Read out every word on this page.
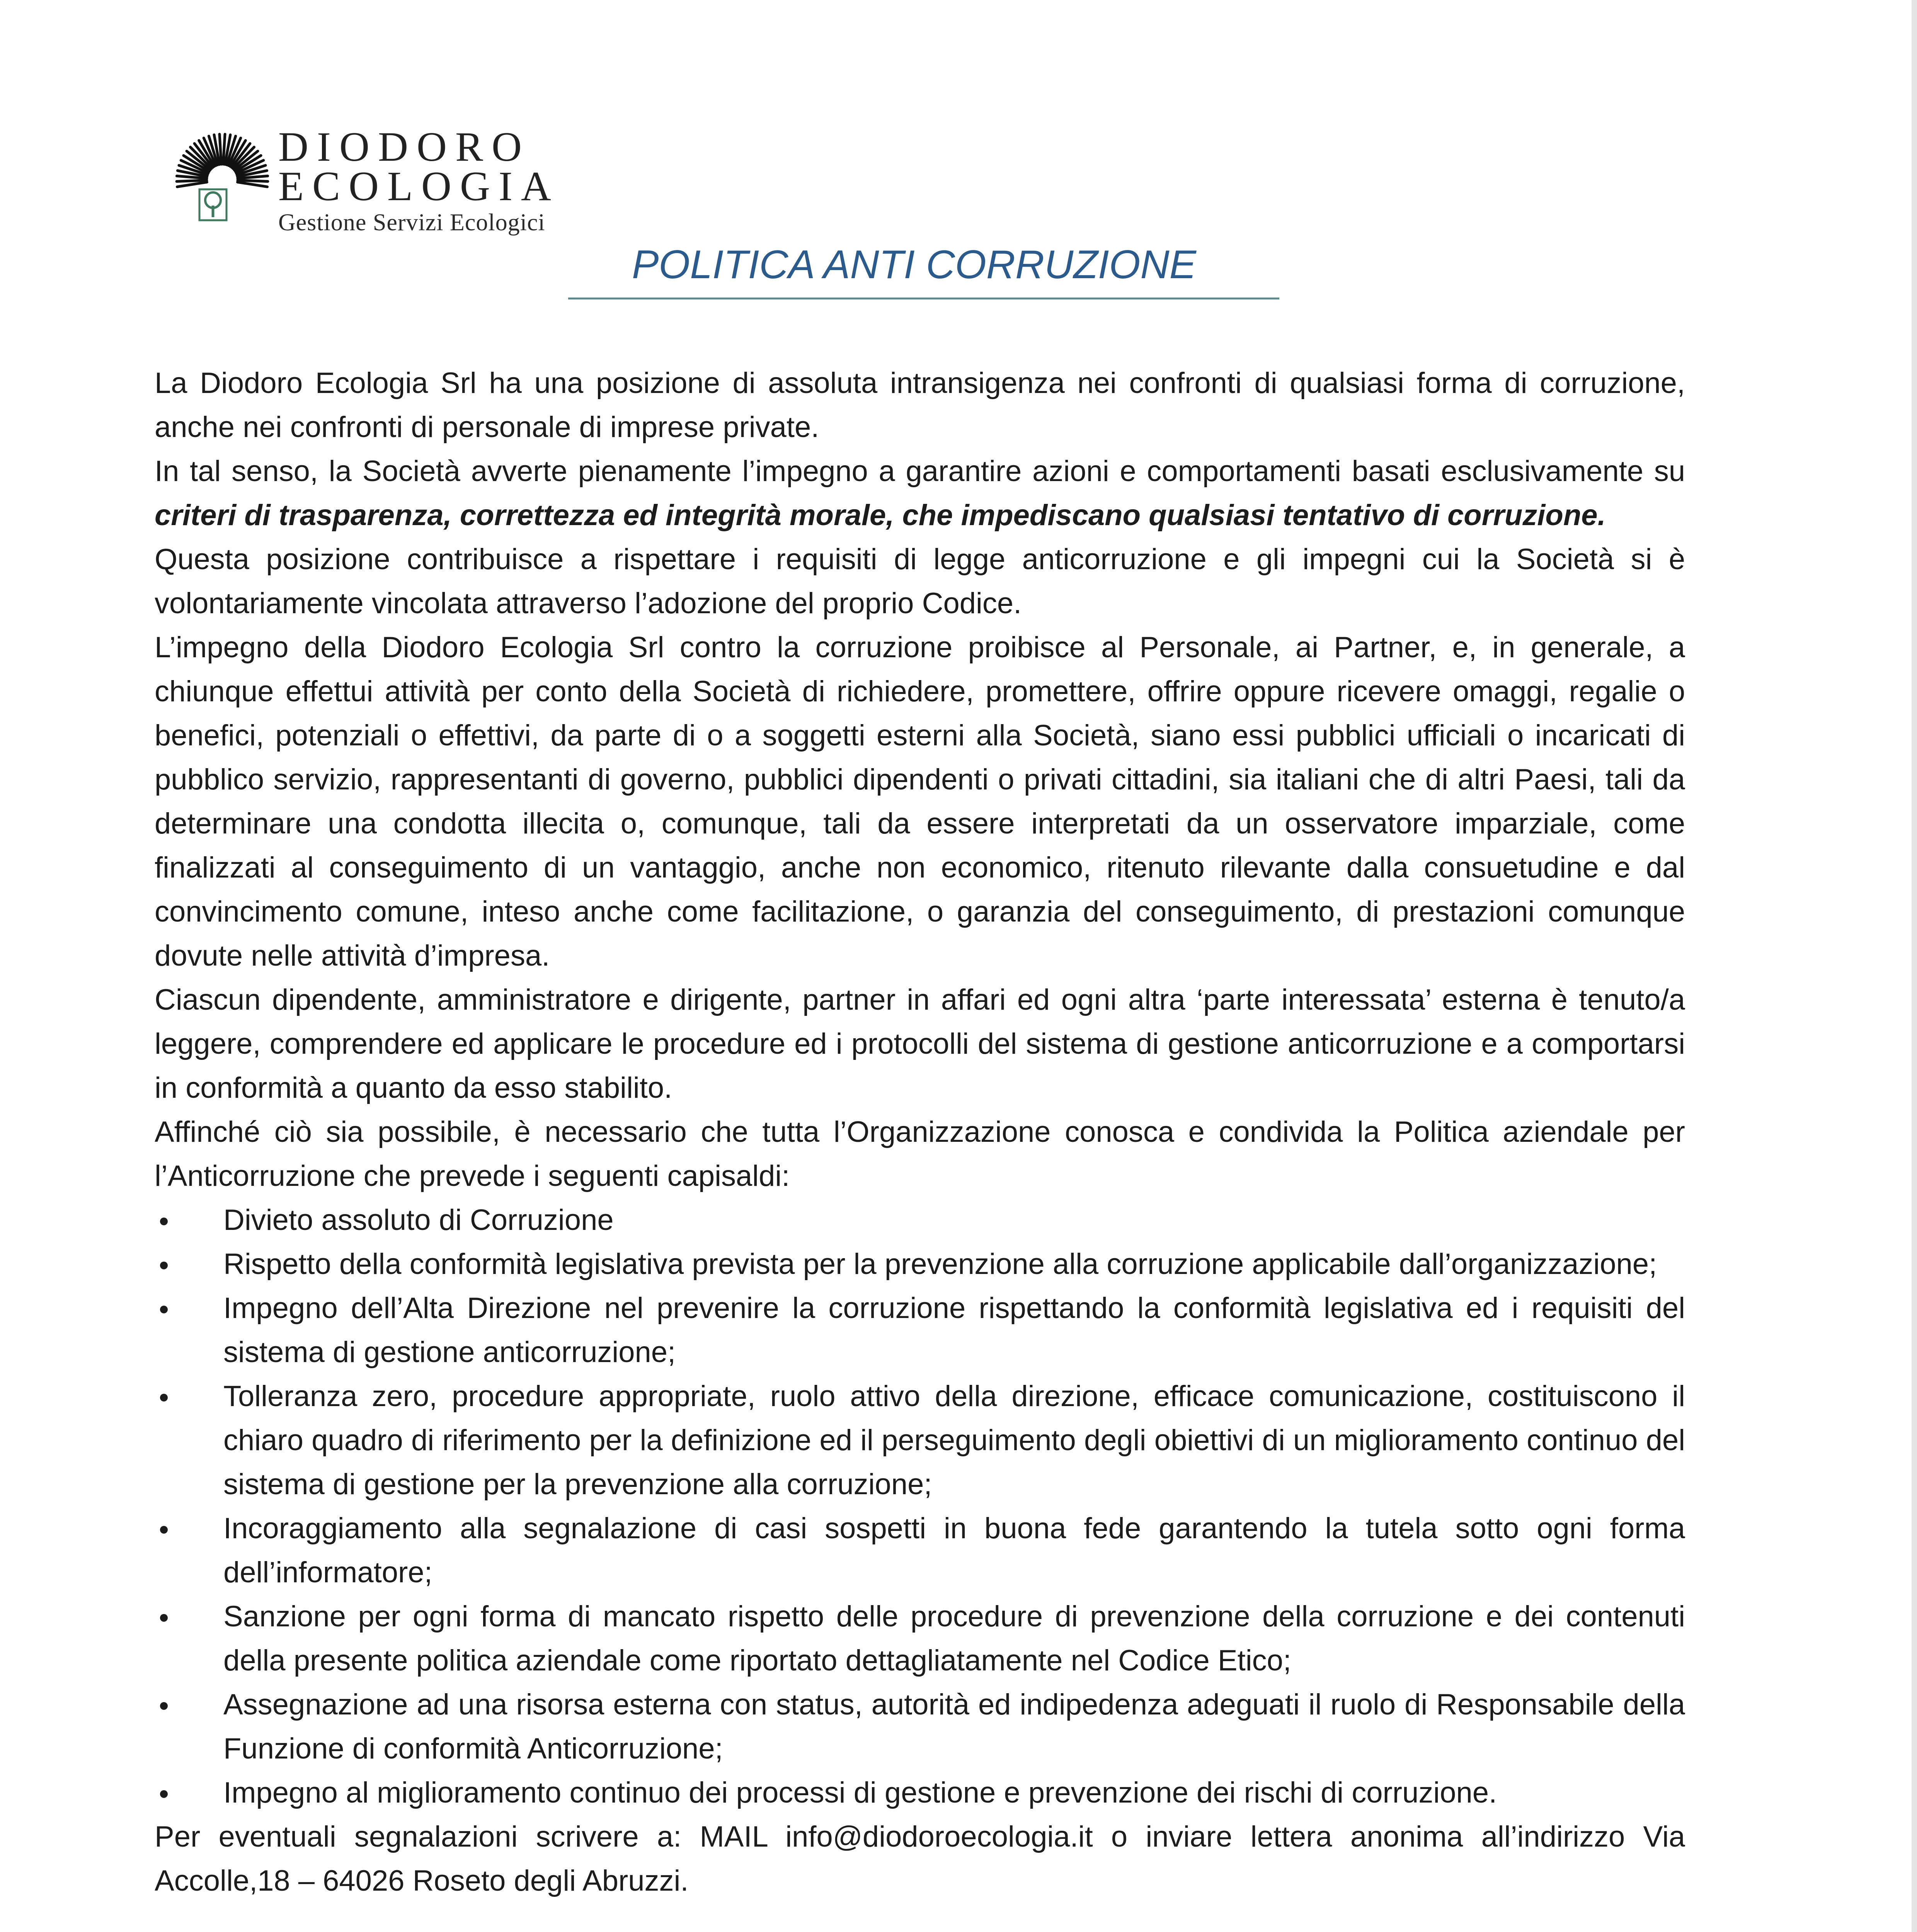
DIODORO
ECOLOGIA
Gestione Servizi Ecologici
POLITICA ANTI CORRUZIONE

La Diodoro Ecologia Srl ha una posizione di assoluta intransigenza nei confronti di qualsiasi forma di corruzione, anche nei confronti di personale di imprese private.

In tal senso, la Società avverte pienamente l’impegno a garantire azioni e comportamenti basati esclusivamente su criteri di trasparenza, correttezza ed integrità morale, che impediscano qualsiasi tentativo di corruzione.

Questa posizione contribuisce a rispettare i requisiti di legge anticorruzione e gli impegni cui la Società si è volontariamente vincolata attraverso l’adozione del proprio Codice.

L’impegno della Diodoro Ecologia Srl contro la corruzione proibisce al Personale, ai Partner, e, in generale, a chiunque effettui attività per conto della Società di richiedere, promettere, offrire oppure ricevere omaggi, regalie o benefici, potenziali o effettivi, da parte di o a soggetti esterni alla Società, siano essi pubblici ufficiali o incaricati di pubblico servizio, rappresentanti di governo, pubblici dipendenti o privati cittadini, sia italiani che di altri Paesi, tali da determinare una condotta illecita o, comunque, tali da essere interpretati da un osservatore imparziale, come finalizzati al conseguimento di un vantaggio, anche non economico, ritenuto rilevante dalla consuetudine e dal convincimento comune, inteso anche come facilitazione, o garanzia del conseguimento, di prestazioni comunque dovute nelle attività d’impresa.

Ciascun dipendente, amministratore e dirigente, partner in affari ed ogni altra ‘parte interessata’ esterna è tenuto/a leggere, comprendere ed applicare le procedure ed i protocolli del sistema di gestione anticorruzione e a comportarsi in conformità a quanto da esso stabilito.

Affinché ciò sia possibile, è necessario che tutta l’Organizzazione conosca e condivida la Politica aziendale per l’Anticorruzione che prevede i seguenti capisaldi:

Divieto assoluto di Corruzione
Rispetto della conformità legislativa prevista per la prevenzione alla corruzione applicabile dall’organizzazione;
Impegno dell’Alta Direzione nel prevenire la corruzione rispettando la conformità legislativa ed i requisiti del sistema di gestione anticorruzione;
Tolleranza zero, procedure appropriate, ruolo attivo della direzione, efficace comunicazione, costituiscono il chiaro quadro di riferimento per la definizione ed il perseguimento degli obiettivi di un miglioramento continuo del sistema di gestione per la prevenzione alla corruzione;
Incoraggiamento alla segnalazione di casi sospetti in buona fede garantendo la tutela sotto ogni forma dell’informatore;
Sanzione per ogni forma di mancato rispetto delle procedure di prevenzione della corruzione e dei contenuti della presente politica aziendale come riportato dettagliatamente nel Codice Etico;
Assegnazione ad una risorsa esterna con status, autorità ed indipedenza adeguati il ruolo di Responsabile della Funzione di conformità Anticorruzione;
Impegno al miglioramento continuo dei processi di gestione e prevenzione dei rischi di corruzione.

Per eventuali segnalazioni scrivere a: MAIL info@diodoroecologia.it o inviare lettera anonima all’indirizzo Via Accolle,18 – 64026 Roseto degli Abruzzi.
